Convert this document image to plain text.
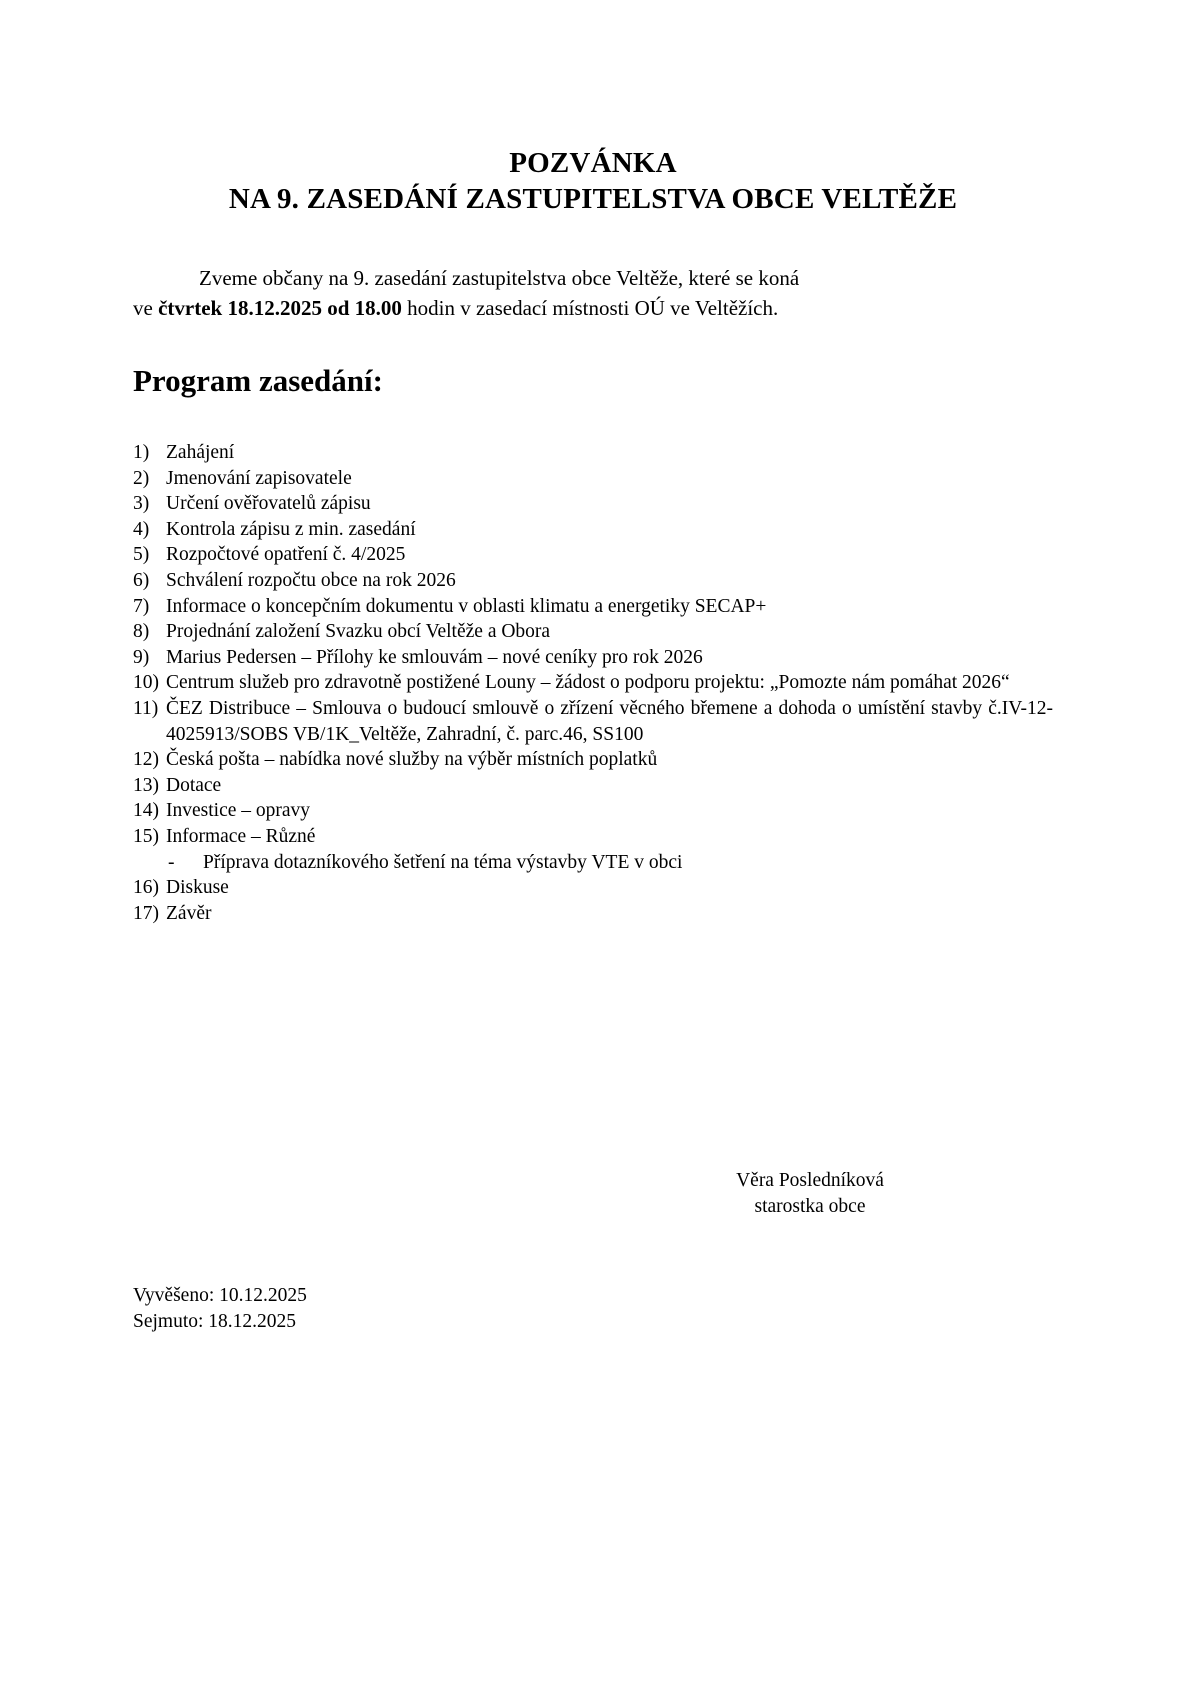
POZVÁNKA
NA 9. ZASEDÁNÍ ZASTUPITELSTVA OBCE VELTĚŽE
Zveme občany na 9. zasedání zastupitelstva obce Veltěže, které se koná
ve čtvrtek 18.12.2025 od 18.00 hodin v zasedací místnosti OÚ ve Veltěžích.
Program zasedání:
1) Zahájení
2) Jmenování zapisovatele
3) Určení ověřovatelů zápisu
4) Kontrola zápisu z min. zasedání
5) Rozpočtové opatření č. 4/2025
6) Schválení rozpočtu obce na rok 2026
7) Informace o koncepčním dokumentu v oblasti klimatu a energetiky SECAP+
8) Projednání založení Svazku obcí Veltěže a Obora
9) Marius Pedersen – Přílohy ke smlouvám – nové ceníky pro rok 2026
10) Centrum služeb pro zdravotně postižené Louny – žádost o podporu projektu: „Pomozte nám pomáhat 2026“
11) ČEZ Distribuce – Smlouva o budoucí smlouvě o zřízení věcného břemene a dohoda o umístění stavby č.IV-12-4025913/SOBS VB/1K_Veltěže, Zahradní, č. parc.46, SS100
12) Česká pošta – nabídka nové služby na výběr místních poplatků
13) Dotace
14) Investice – opravy
15) Informace – Různé
- Příprava dotazníkového šetření na téma výstavby VTE v obci
16) Diskuse
17) Závěr
Věra Posledníková
starostka obce
Vyvěšeno: 10.12.2025
Sejmuto: 18.12.2025
